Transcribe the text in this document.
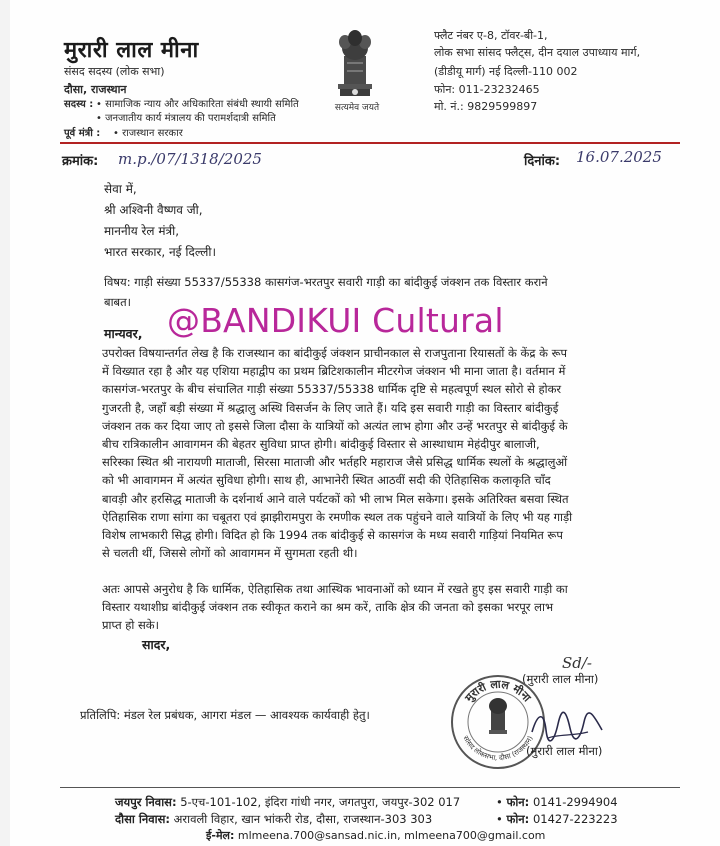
मुरारी लाल मीना
संसद सदस्य (लोक सभा)
दौसा, राजस्थान
सदस्य : • सामाजिक न्याय और अधिकारिता संबंधी स्थायी समिति
• जनजातीय कार्य मंत्रालय की परामर्शदात्री समिति
पूर्व मंत्री : • राजस्थान सरकार
सत्यमेव जयते
फ्लैट नंबर ए-8, टॉवर-बी-1,
लोक सभा सांसद फ्लैट्स, दीन दयाल उपाध्याय मार्ग,
(डीडीयू मार्ग) नई दिल्ली-110 002
फोन: 011-23232465
मो. नं.: 9829599897
क्रमांक: m.p./07/1318/2025	दिनांक: 16.07.2025
सेवा में,
श्री अश्विनी वैष्णव जी,
माननीय रेल मंत्री,
भारत सरकार, नई दिल्ली।
विषय: गाड़ी संख्या 55337/55338 कासगंज-भरतपुर सवारी गाड़ी का बांदीकुई जंक्शन तक विस्तार कराने
बाबत। @BANDIKUI Cultural
मान्यवर,
उपरोक्त विषयान्तर्गत लेख है कि राजस्थान का बांदीकुई जंक्शन प्राचीनकाल से राजपुताना रियासतों के केंद्र के रूप
में विख्यात रहा है और यह एशिया महाद्वीप का प्रथम ब्रिटिशकालीन मीटरगेज जंक्शन भी माना जाता है। वर्तमान में
कासगंज-भरतपुर के बीच संचालित गाड़ी संख्या 55337/55338 धार्मिक दृष्टि से महत्वपूर्ण स्थल सोरो से होकर
गुजरती है, जहाँ बड़ी संख्या में श्रद्धालु अस्थि विसर्जन के लिए जाते हैं। यदि इस सवारी गाड़ी का विस्तार बांदीकुई
जंक्शन तक कर दिया जाए तो इससे जिला दौसा के यात्रियों को अत्यंत लाभ होगा और उन्हें भरतपुर से बांदीकुई के
बीच रात्रिकालीन आवागमन की बेहतर सुविधा प्राप्त होगी। बांदीकुई विस्तार से आस्थाधाम मेहंदीपुर बालाजी,
सरिस्का स्थित श्री नारायणी माताजी, सिरसा माताजी और भर्तहरि महाराज जैसे प्रसिद्ध धार्मिक स्थलों के श्रद्धालुओं
को भी आवागमन में अत्यंत सुविधा होगी। साथ ही, आभानेरी स्थित आठवीं सदी की ऐतिहासिक कलाकृति चाँद
बावड़ी और हरसिद्ध माताजी के दर्शनार्थ आने वाले पर्यटकों को भी लाभ मिल सकेगा। इसके अतिरिक्त बसवा स्थित
ऐतिहासिक राणा सांगा का चबूतरा एवं झाझीरामपुरा के रमणीक स्थल तक पहुंचने वाले यात्रियों के लिए भी यह गाड़ी
विशेष लाभकारी सिद्ध होगी। विदित हो कि 1994 तक बांदीकुई से कासगंज के मध्य सवारी गाड़ियां नियमित रूप
से चलती थीं, जिससे लोगों को आवागमन में सुगमता रहती थी।
अतः आपसे अनुरोध है कि धार्मिक, ऐतिहासिक तथा आस्थिक भावनाओं को ध्यान में रखते हुए इस सवारी गाड़ी का
विस्तार यथाशीघ्र बांदीकुई जंक्शन तक स्वीकृत कराने का श्रम करें, ताकि क्षेत्र की जनता को इसका भरपूर लाभ
प्राप्त हो सके।
सादर,
Sd/-
(मुरारी लाल मीना)
मुरारी लाल मीना
सांसद लोकसभा, दौसा (राजस्थान)
(मुरारी लाल मीना)
प्रतिलिपि: मंडल रेल प्रबंधक, आगरा मंडल — आवश्यक कार्यवाही हेतु।
जयपुर निवास: 5-एच-101-102, इंदिरा गांधी नगर, जगतपुरा, जयपुर-302 017	• फोन: 0141-2994904
दौसा निवास: अरावली विहार, खान भांकरी रोड, दौसा, राजस्थान-303 303	• फोन: 01427-223223
ई-मेल: mlmeena.700@sansad.nic.in, mlmeena700@gmail.com
